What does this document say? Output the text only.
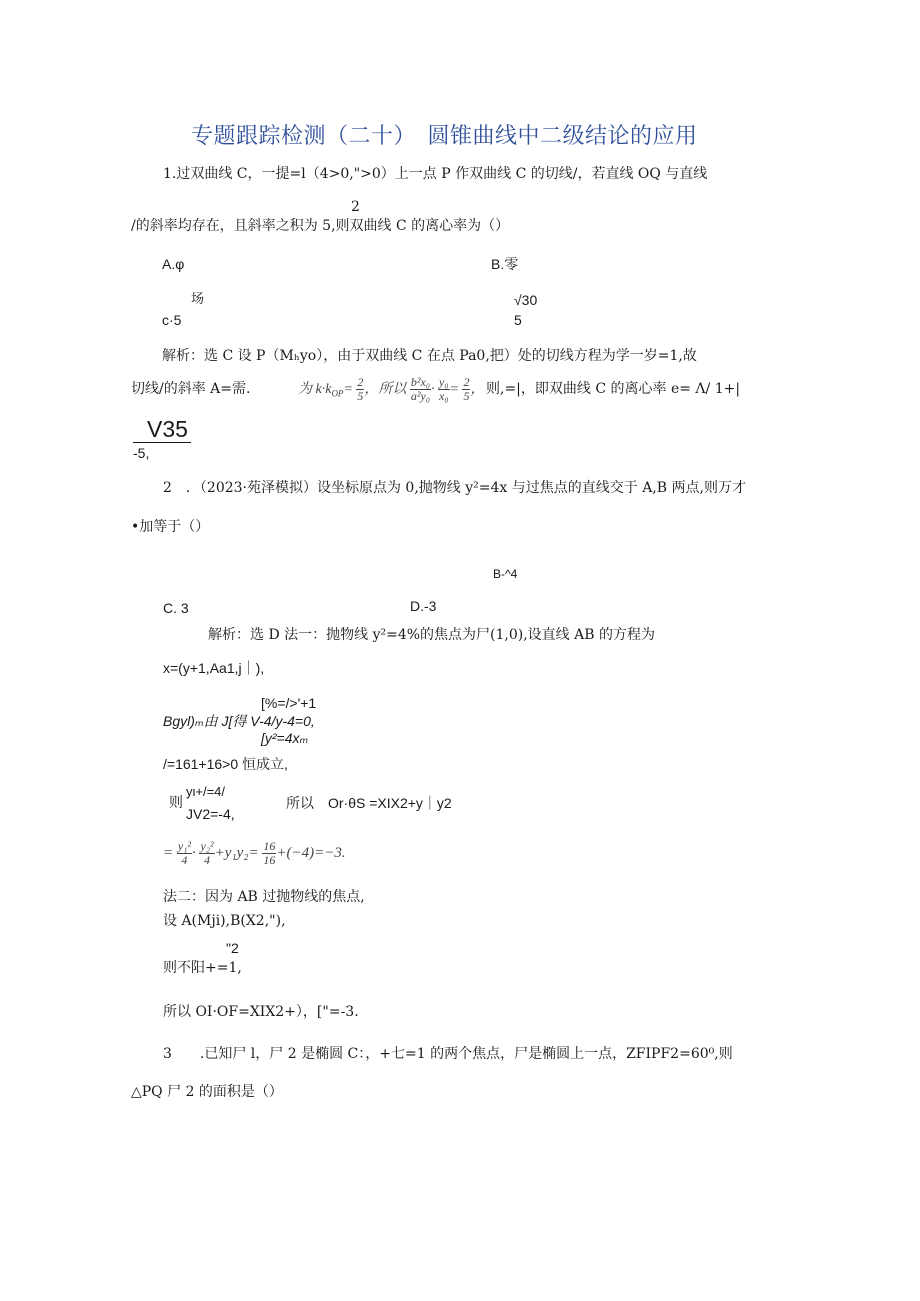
专题跟踪检测（二十）　圆锥曲线中二级结论的应用
1.过双曲线 C，一提=l（4>0,">0）上一点 P 作双曲线 C 的切线/，若直线 OQ 与直线
2
/的斜率均存在，且斜率之积为 5,则双曲线 C 的离心率为（）
A.φ	B.零
场
c·5
√30
5
解析：选 C 设 P（Mₕyo），由于双曲线 C 在点 Pa0,把）处的切线方程为学一岁=1,故
切线/的斜率 A=需.	为 $k\cdot k_{OP}= \frac{2}{5}$ ，所以 $\frac{\text{b²x₀}}{\text{a²y₀}} \cdot \frac{\text{y₀}}{\text{x₀}} = \frac{2}{5}$ ， 则,=|，即双曲线 C 的离心率 e= Λ/ 1+|
V35
-5,
2　．（2023·苑泽模拟）设坐标原点为 0,抛物线 y²=4x 与过焦点的直线交于 A,B 两点,则万才
•加等于（）
B-^4
C. 3	D.-3
解析：选 D 法一：抛物线 y²=4%的焦点为尸(1,0),设直线 AB 的方程为
x=(y+1,Aa1,j｜),
[%=/>'+1
Bgyl)ₘ由 J[得 V-4/y-4=0,
[y²=4xₘ
/=161+16>0 恒成立,
yι+/=4/
则
JV2=-4,
所以　Or·θS =XIX2+y｜y2
= $\frac{\text{y₁²}}{4} \cdot \frac{\text{y₂²}}{4} +y_1y_2= \frac{16}{16} +(-4)=-3$.
法二：因为 AB 过抛物线的焦点,
设 A(Mji),B(X2,"),
"2
则不阳+=1,
所以 OI·OF=XIX2+），["=-3.
3　　.已知尸 l，尸 2 是椭圆 C：，+七=1 的两个焦点，尸是椭圆上一点，ZFIPF2=60⁰,则
△PQ 尸 2 的面积是（）
